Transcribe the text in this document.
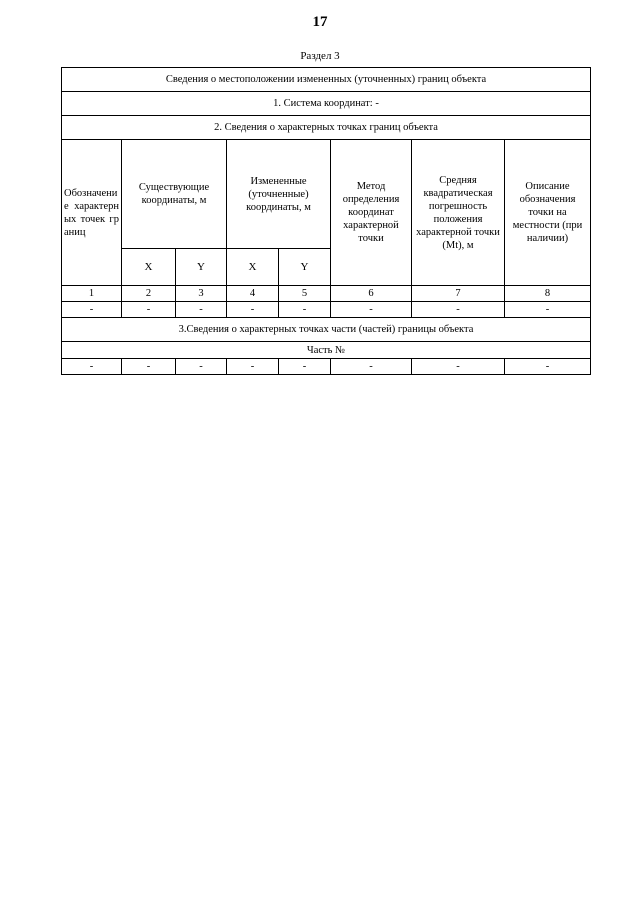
17
Раздел 3
Сведения о местоположении измененных (уточненных) границ объекта							
1. Система координат: -							
2. Сведения о характерных точках границ объекта							

Обозначение характерных точек границ	Существующие координаты, м		Измененные (уточненные) координаты, м		Метод определения координат характерной точки	Средняя квадратическая погрешность положения характерной точки (Mt), м	Описание обозначения точки на местности (при наличии)
	X	Y	X	Y			
1	2	3	4	5	6	7	8
-	-	-	-	-	-	-	-
3.Сведения о характерных точках части (частей) границы объекта							
Часть №							
-	-	-	-	-	-	-	-
